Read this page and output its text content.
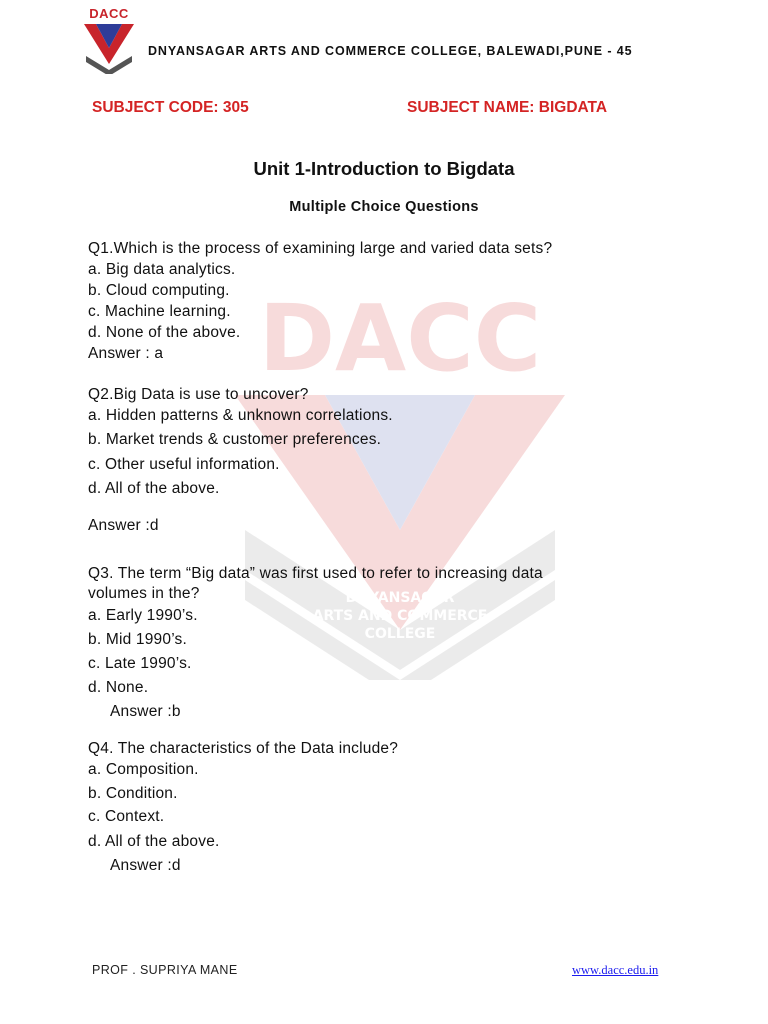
DACC
DNYANSAGAR
ARTS AND COMMERCE
COLLEGE
DACC
DNYANSAGAR ARTS AND COMMERCE COLLEGE, BALEWADI,PUNE - 45
SUBJECT CODE: 305	SUBJECT NAME: BIGDATA
Unit 1-Introduction to Bigdata
Multiple Choice Questions
Q1.Which is the process of examining large and varied data sets?
a. Big data analytics.
b. Cloud computing.
c. Machine learning.
d. None of the above.
Answer : a
Q2.Big Data is use to uncover?
a. Hidden patterns & unknown correlations.
b. Market trends & customer preferences.
c. Other useful information.
d. All of the above.
Answer :d
Q3. The term “Big data” was first used to refer to increasing data
volumes in the?
a. Early 1990’s.
b. Mid 1990’s.
c. Late 1990’s.
d. None.
Answer :b
Q4. The characteristics of the Data include?
a. Composition.
b. Condition.
c. Context.
d. All of the above.
Answer :d
PROF . SUPRIYA MANE	www.dacc.edu.in
